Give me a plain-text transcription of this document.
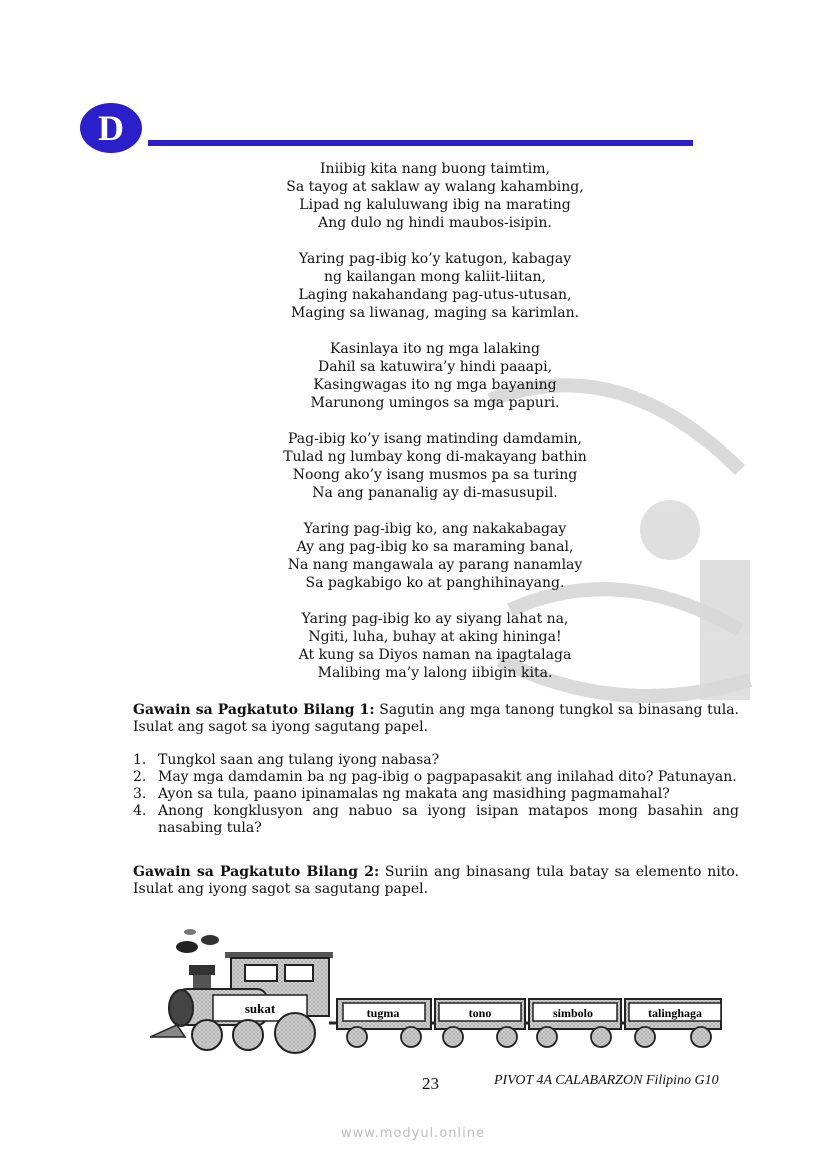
D
Iniibig kita nang buong taimtim,
Sa tayog at saklaw ay walang kahambing,
Lipad ng kaluluwang ibig na marating
Ang dulo ng hindi maubos-isipin.
Yaring pag-ibig ko’y katugon, kabagay
ng kailangan mong kaliit-liitan,
Laging nakahandang pag-utus-utusan,
Maging sa liwanag, maging sa karimlan.
Kasinlaya ito ng mga lalaking
Dahil sa katuwira’y hindi paaapi,
Kasingwagas ito ng mga bayaning
Marunong umingos sa mga papuri.
Pag-ibig ko’y isang matinding damdamin,
Tulad ng lumbay kong di-makayang bathin
Noong ako’y isang musmos pa sa turing
Na ang pananalig ay di-masusupil.
Yaring pag-ibig ko, ang nakakabagay
Ay ang pag-ibig ko sa maraming banal,
Na nang mangawala ay parang nanamlay
Sa pagkabigo ko at panghihinayang.
Yaring pag-ibig ko ay siyang lahat na,
Ngiti, luha, buhay at aking hininga!
At kung sa Diyos naman na ipagtalaga
Malibing ma’y lalong iibigin kita.
Gawain sa Pagkatuto Bilang 1: Sagutin ang mga tanong tungkol sa binasang tula. Isulat ang sagot sa iyong sagutang papel.
1. Tungkol saan ang tulang iyong nabasa?
2. May mga damdamin ba ng pag-ibig o pagpapasakit ang inilahad dito? Patunayan.
3. Ayon sa tula, paano ipinamalas ng makata ang masidhing pagmamahal?
4. Anong kongklusyon ang nabuo sa iyong isipan matapos mong basahin ang nasabing tula?
Gawain sa Pagkatuto Bilang 2: Suriin ang binasang tula batay sa elemento nito. Isulat ang iyong sagot sa sagutang papel.
sukat	tugma	tono	simbolo	talinghaga
23	PIVOT 4A CALABARZON Filipino G10
www.modyul.online
